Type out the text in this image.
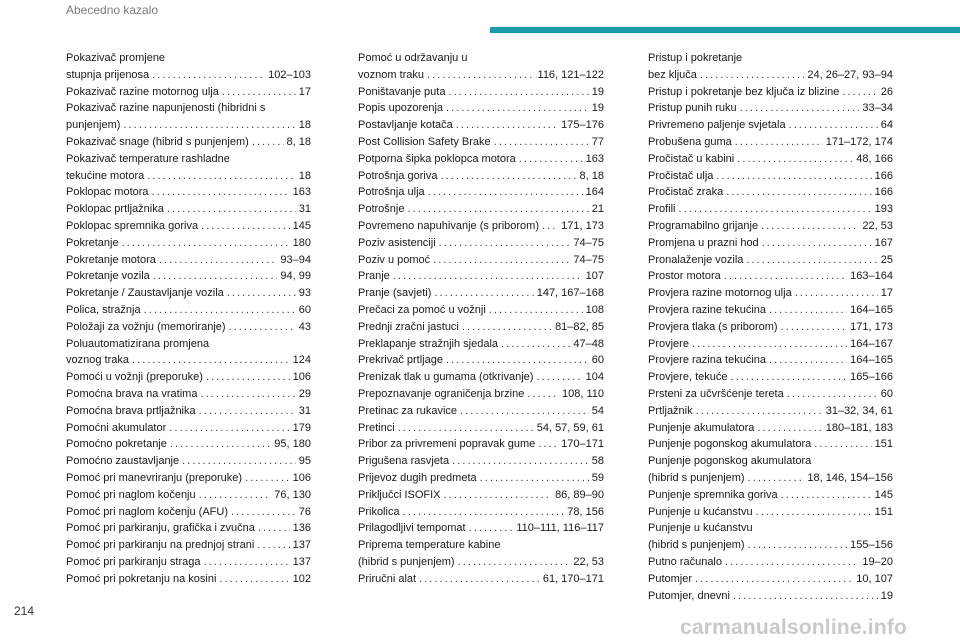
Abecedno kazalo
Pokazivač promjene
stupnja prijenosa . . .	102–103
Pokazivač razine motornog ulja . . .	17
Pokazivač razine napunjenosti (hibridni s
punjenjem) . . .	18
Pokazivač snage (hibrid s punjenjem) . . .	8, 18
Pokazivač temperature rashladne
tekućine motora . . .	18
Poklopac motora . . .	163
Poklopac prtljažnika . . .	31
Poklopac spremnika goriva . . .	145
Pokretanje . . .	180
Pokretanje motora . . .	93–94
Pokretanje vozila . . .	94, 99
Pokretanje / Zaustavljanje vozila . . .	93
Polica, stražnja . . .	60
Položaji za vožnju (memoriranje) . . .	43
Poluautomatizirana promjena
voznog traka . . .	124
Pomoći u vožnji (preporuke) . . .	106
Pomoćna brava na vratima . . .	29
Pomoćna brava prtljažnika . . .	31
Pomoćni akumulator . . .	179
Pomoćno pokretanje . . .	95, 180
Pomoćno zaustavljanje . . .	95
Pomoć pri manevriranju (preporuke) . . .	106
Pomoć pri naglom kočenju . . .	76, 130
Pomoć pri naglom kočenju (AFU) . . .	76
Pomoć pri parkiranju, grafička i zvučna . . .	136
Pomoć pri parkiranju na prednjoj strani . . .	137
Pomoć pri parkiranju straga . . .	137
Pomoć pri pokretanju na kosini . . .	102
Pomoć u održavanju u
voznom traku . . .	116, 121–122
Poništavanje puta . . .	19
Popis upozorenja . . .	19
Postavljanje kotača . . .	175–176
Post Collision Safety Brake . . .	77
Potporna šipka poklopca motora . . .	163
Potrošnja goriva . . .	8, 18
Potrošnja ulja . . .	164
Potrošnje . . .	21
Povremeno napuhivanje (s priborom) . . . 171, 173
Poziv asistenciji . . .	74–75
Poziv u pomoć . . .	74–75
Pranje . . .	107
Pranje (savjeti) . . .	147, 167–168
Prečaci za pomoć u vožnji . . .	108
Prednji zračni jastuci . . .	81–82, 85
Preklapanje stražnjih sjedala . . .	47–48
Prekrivač prtljage . . .	60
Prenizak tlak u gumama (otkrivanje) . . .	104
Prepoznavanje ograničenja brzine . . .	108, 110
Pretinac za rukavice . . .	54
Pretinci . . .	54, 57, 59, 61
Pribor za privremeni popravak gume . . . 170–171
Prigušena rasvjeta . . .	58
Prijevoz dugih predmeta . . .	59
Priključci ISOFIX . . .	86, 89–90
Prikolica . . .	78, 156
Prilagodljivi tempomat . . .	110–111, 116–117
Priprema temperature kabine
(hibrid s punjenjem) . . .	22, 53
Priručni alat . . .	61, 170–171
Pristup i pokretanje
bez ključa . . .	24, 26–27, 93–94
Pristup i pokretanje bez ključa iz blizine . . .	26
Pristup punih ruku . . .	33–34
Privremeno paljenje svjetala . . .	64
Probušena guma . . .	171–172, 174
Pročistač u kabini . . .	48, 166
Pročistač ulja . . .	166
Pročistač zraka . . .	166
Profili . . .	193
Programabilno grijanje . . .	22, 53
Promjena u prazni hod . . .	167
Pronalaženje vozila . . .	25
Prostor motora . . .	163–164
Provjera razine motornog ulja . . .	17
Provjera razine tekućina . . .	164–165
Provjera tlaka (s priborom) . . .	171, 173
Provjere . . .	164–167
Provjere razina tekućina . . .	164–165
Provjere, tekuće . . .	165–166
Prsteni za učvršćenje tereta . . .	60
Prtljažnik . . .	31–32, 34, 61
Punjenje akumulatora . . .	180–181, 183
Punjenje pogonskog akumulatora . . .	151
Punjenje pogonskog akumulatora
(hibrid s punjenjem) . . .	18, 146, 154–156
Punjenje spremnika goriva . . .	145
Punjenje u kućanstvu . . .	151
Punjenje u kućanstvu
(hibrid s punjenjem) . . .	155–156
Putno računalo . . .	19–20
Putomjer . . .	10, 107
Putomjer, dnevni . . .	19
214
carmanualsonline.info
